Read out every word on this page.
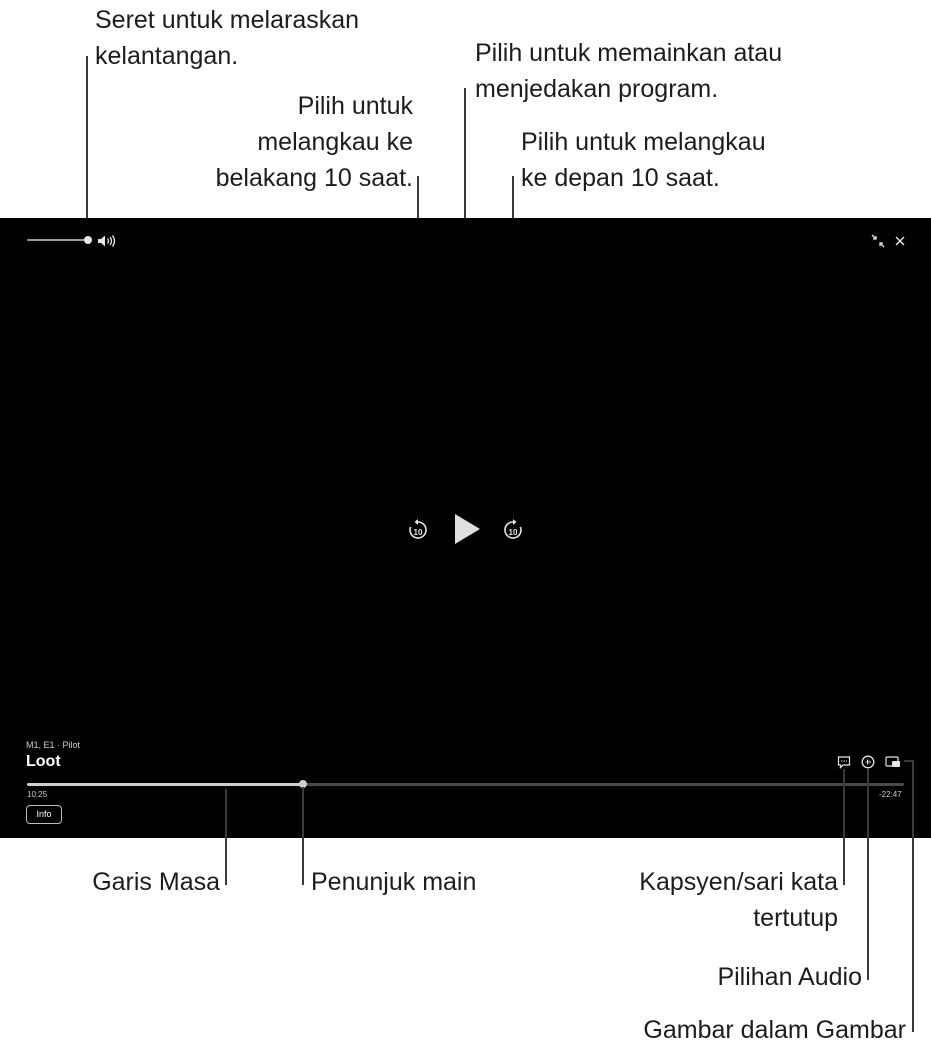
Seret untuk melaraskan
kelantangan.	Pilih untuk memainkan atau
menjedakan program.
Pilih untuk
melangkau ke
belakang 10 saat.
Pilih untuk melangkau
ke depan 10 saat.
Garis Masa	Penunjuk main	Kapsyen/sari kata
tertutup
Pilihan Audio
Gambar dalam Gambar
10	10
M1, E1 · Pilot
Loot
10:25	-22:47
Info
